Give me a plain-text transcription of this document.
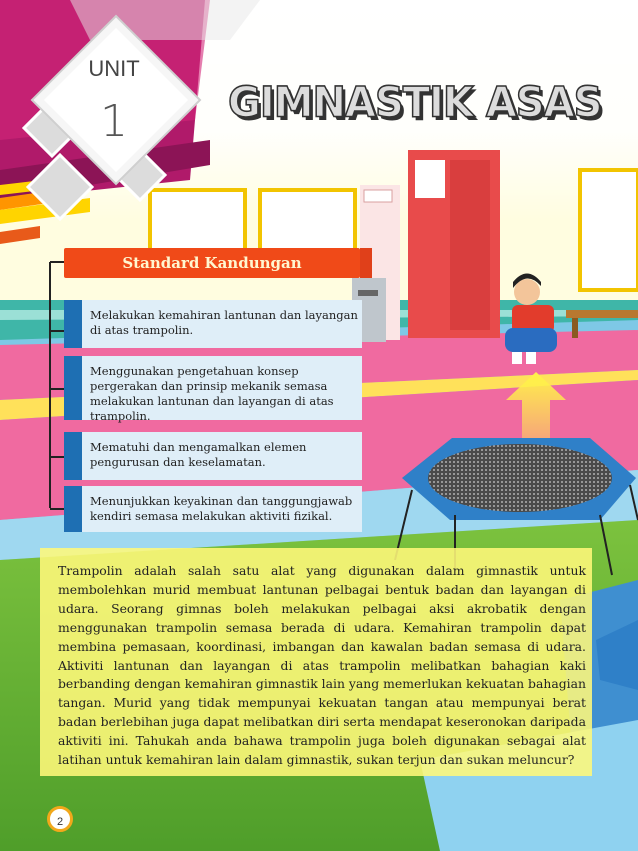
UNIT
1	GIMNASTIK ASAS
Standard Kandungan
Melakukan kemahiran lantunan dan layangan di atas trampolin.
Menggunakan pengetahuan konsep pergerakan dan prinsip mekanik semasa melakukan lantunan dan layangan di atas trampolin.
Mematuhi dan mengamalkan elemen pengurusan dan keselamatan.
Menunjukkan keyakinan dan tanggungjawab kendiri semasa melakukan aktiviti fizikal.
Trampolin adalah salah satu alat yang digunakan dalam gimnastik untuk membolehkan murid membuat lantunan pelbagai bentuk badan dan layangan di udara. Seorang gimnas boleh melakukan pelbagai aksi akrobatik dengan menggunakan trampolin semasa berada di udara. Kemahiran trampolin dapat membina pemasaan, koordinasi, imbangan dan kawalan badan semasa di udara. Aktiviti lantunan dan layangan di atas trampolin melibatkan bahagian kaki berbanding dengan kemahiran gimnastik lain yang memerlukan kekuatan bahagian tangan. Murid yang tidak mempunyai kekuatan tangan atau mempunyai berat badan berlebihan juga dapat melibatkan diri serta mendapat keseronokan daripada aktiviti ini. Tahukah anda bahawa trampolin juga boleh digunakan sebagai alat latihan untuk kemahiran lain dalam gimnastik, sukan terjun dan sukan meluncur?
2
